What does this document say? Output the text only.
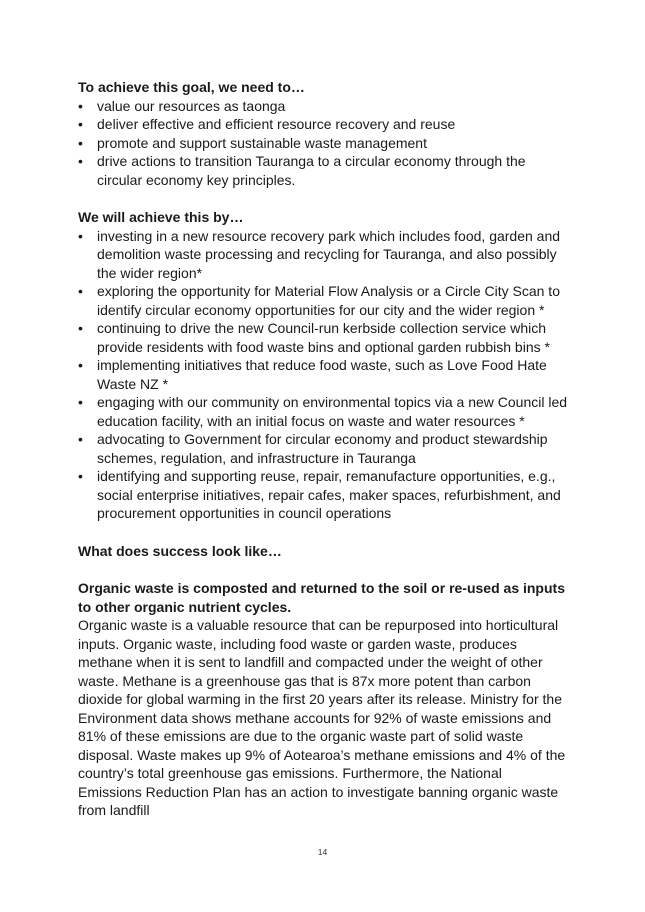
To achieve this goal, we need to…

•	value our resources as taonga
•	deliver effective and efficient resource recovery and reuse
•	promote and support sustainable waste management
•	drive actions to transition Tauranga to a circular economy through the circular economy key principles.

We will achieve this by…

•	investing in a new resource recovery park which includes food, garden and demolition waste processing and recycling for Tauranga, and also possibly the wider region*
•	exploring the opportunity for Material Flow Analysis or a Circle City Scan to identify circular economy opportunities for our city and the wider region *
•	continuing to drive the new Council-run kerbside collection service which provide residents with food waste bins and optional garden rubbish bins *
•	implementing initiatives that reduce food waste, such as Love Food Hate Waste NZ *
•	engaging with our community on environmental topics via a new Council led education facility, with an initial focus on waste and water resources *
•	advocating to Government for circular economy and product stewardship schemes, regulation, and infrastructure in Tauranga
•	identifying and supporting reuse, repair, remanufacture opportunities, e.g., social enterprise initiatives, repair cafes, maker spaces, refurbishment, and procurement opportunities in council operations

What does success look like…

Organic waste is composted and returned to the soil or re-used as inputs to other organic nutrient cycles.

Organic waste is a valuable resource that can be repurposed into horticultural inputs. Organic waste, including food waste or garden waste, produces methane when it is sent to landfill and compacted under the weight of other waste. Methane is a greenhouse gas that is 87x more potent than carbon dioxide for global warming in the first 20 years after its release. Ministry for the Environment data shows methane accounts for 92% of waste emissions and 81% of these emissions are due to the organic waste part of solid waste disposal. Waste makes up 9% of Aotearoa’s methane emissions and 4% of the country’s total greenhouse gas emissions. Furthermore, the National Emissions Reduction Plan has an action to investigate banning organic waste from landfill

14
